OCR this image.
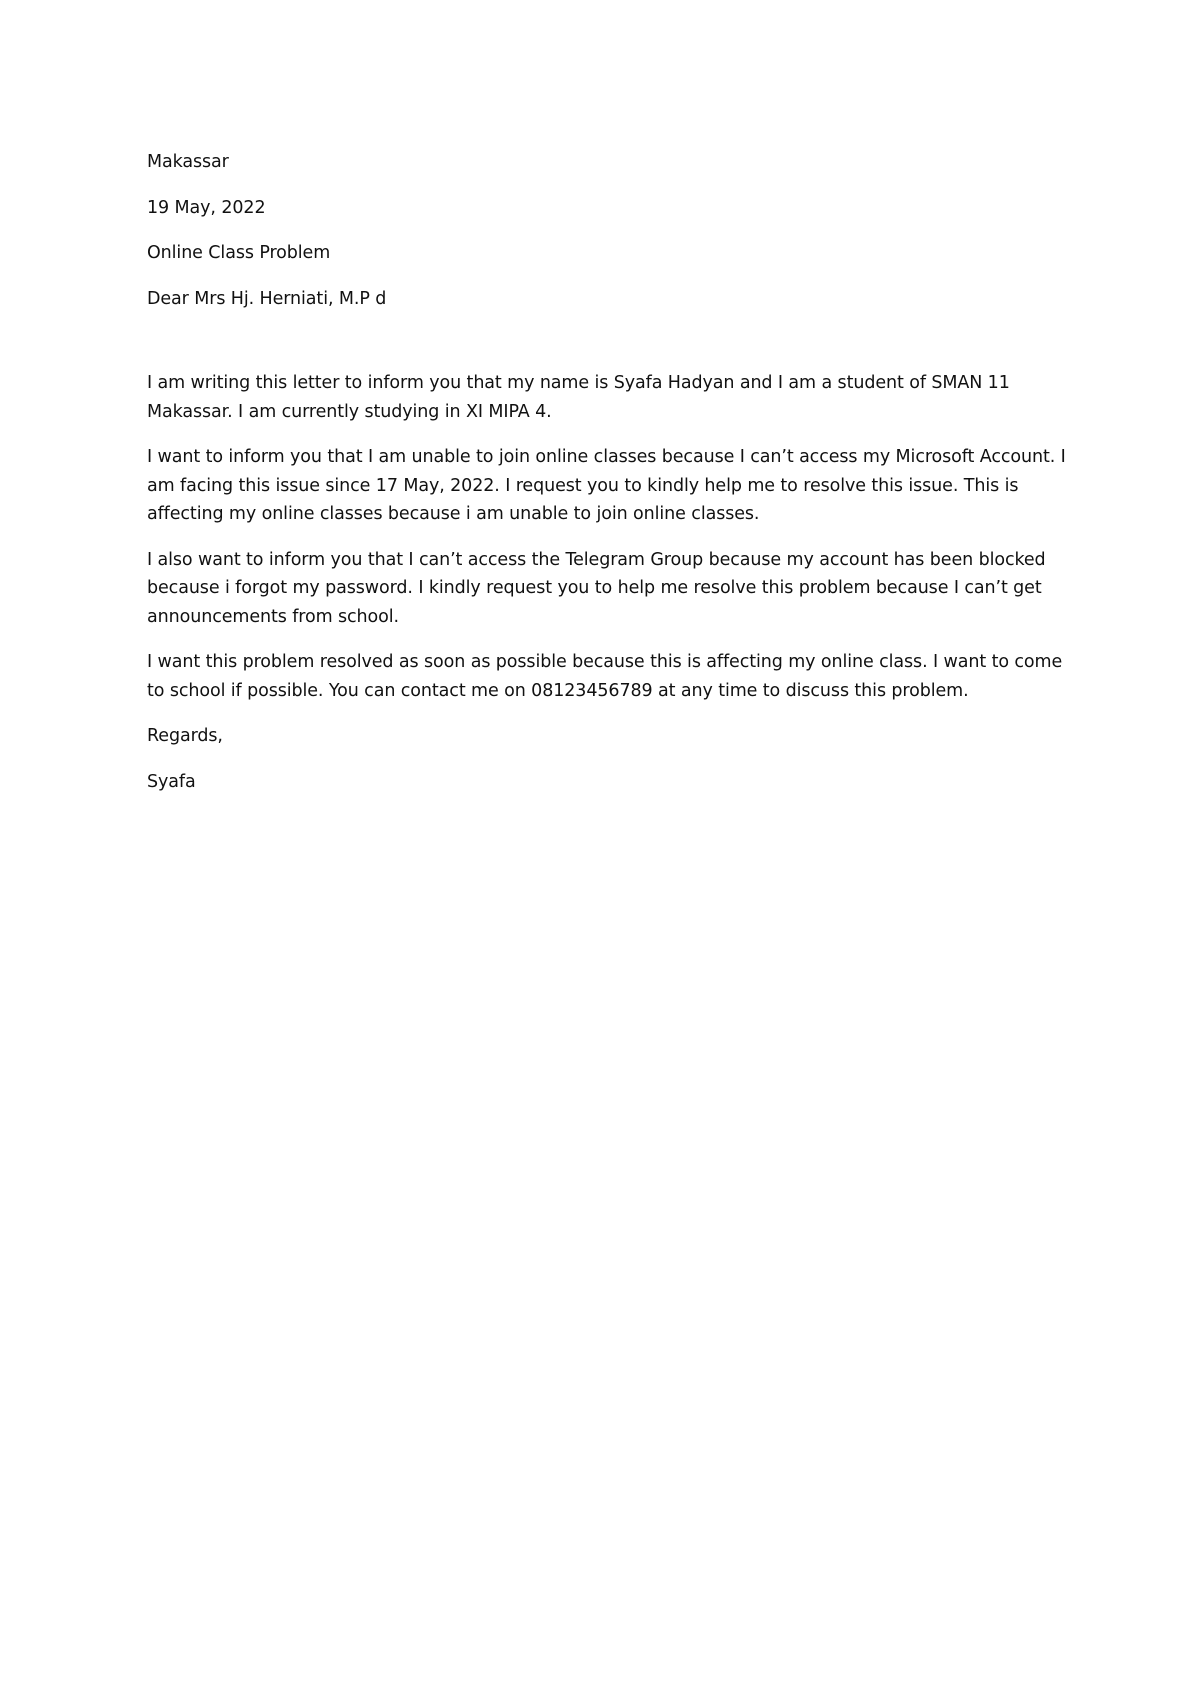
Makassar

19 May, 2022

Online Class Problem

Dear Mrs Hj. Herniati, M.P d

I am writing this letter to inform you that my name is Syafa Hadyan and I am a student of SMAN 11 Makassar. I am currently studying in XI MIPA 4.

I want to inform you that I am unable to join online classes because I can’t access my Microsoft Account. I am facing this issue since 17 May, 2022. I request you to kindly help me to resolve this issue. This is affecting my online classes because i am unable to join online classes.

I also want to inform you that I can’t access the Telegram Group because my account has been blocked because i forgot my password. I kindly request you to help me resolve this problem because I can’t get announcements from school.

I want this problem resolved as soon as possible because this is affecting my online class. I want to come to school if possible. You can contact me on 08123456789 at any time to discuss this problem.

Regards,

Syafa
